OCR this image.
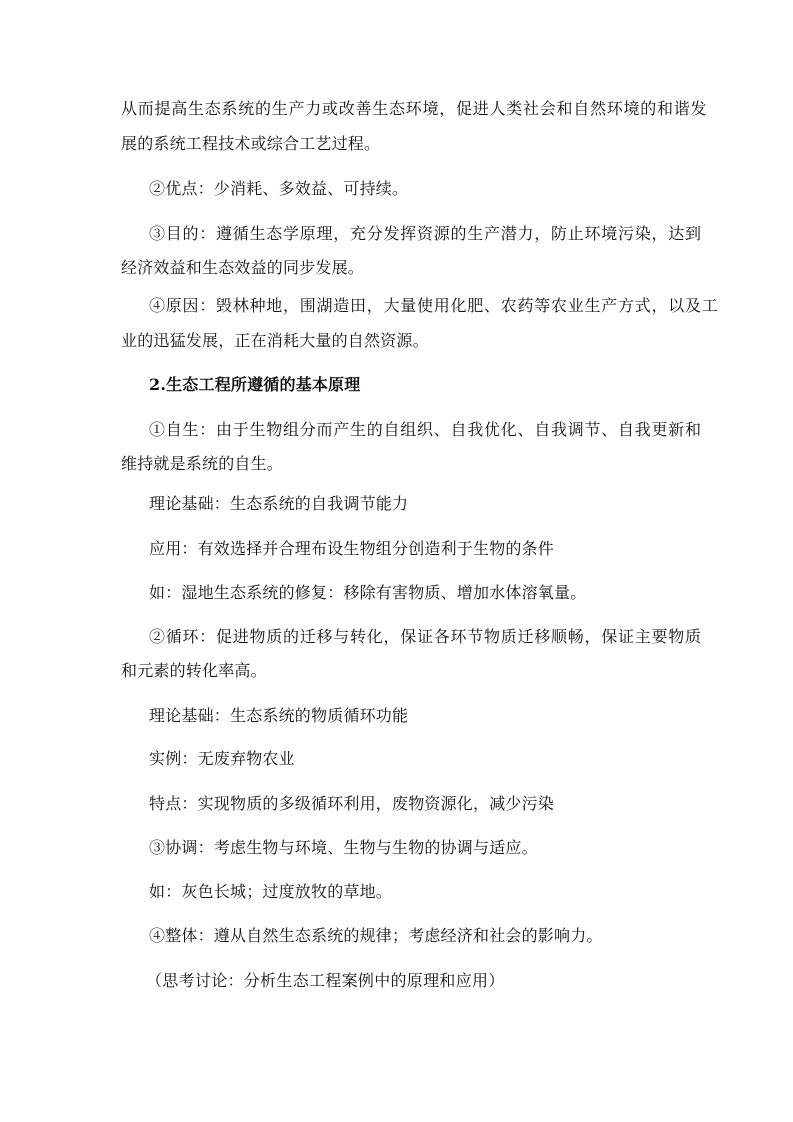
从而提高生态系统的生产力或改善生态环境，促进人类社会和自然环境的和谐发
展的系统工程技术或综合工艺过程。
②优点：少消耗、多效益、可持续。
③目的：遵循生态学原理，充分发挥资源的生产潜力，防止环境污染，达到
经济效益和生态效益的同步发展。
④原因：毁林种地，围湖造田，大量使用化肥、农药等农业生产方式，以及工
业的迅猛发展，正在消耗大量的自然资源。
2.生态工程所遵循的基本原理
①自生：由于生物组分而产生的自组织、自我优化、自我调节、自我更新和
维持就是系统的自生。
理论基础：生态系统的自我调节能力
应用：有效选择并合理布设生物组分创造利于生物的条件
如：湿地生态系统的修复：移除有害物质、增加水体溶氧量。
②循环：促进物质的迁移与转化，保证各环节物质迁移顺畅，保证主要物质
和元素的转化率高。
理论基础：生态系统的物质循环功能
实例：无废弃物农业
特点：实现物质的多级循环利用，废物资源化，减少污染
③协调：考虑生物与环境、生物与生物的协调与适应。
如：灰色长城；过度放牧的草地。
④整体：遵从自然生态系统的规律；考虑经济和社会的影响力。
（思考讨论：分析生态工程案例中的原理和应用）
